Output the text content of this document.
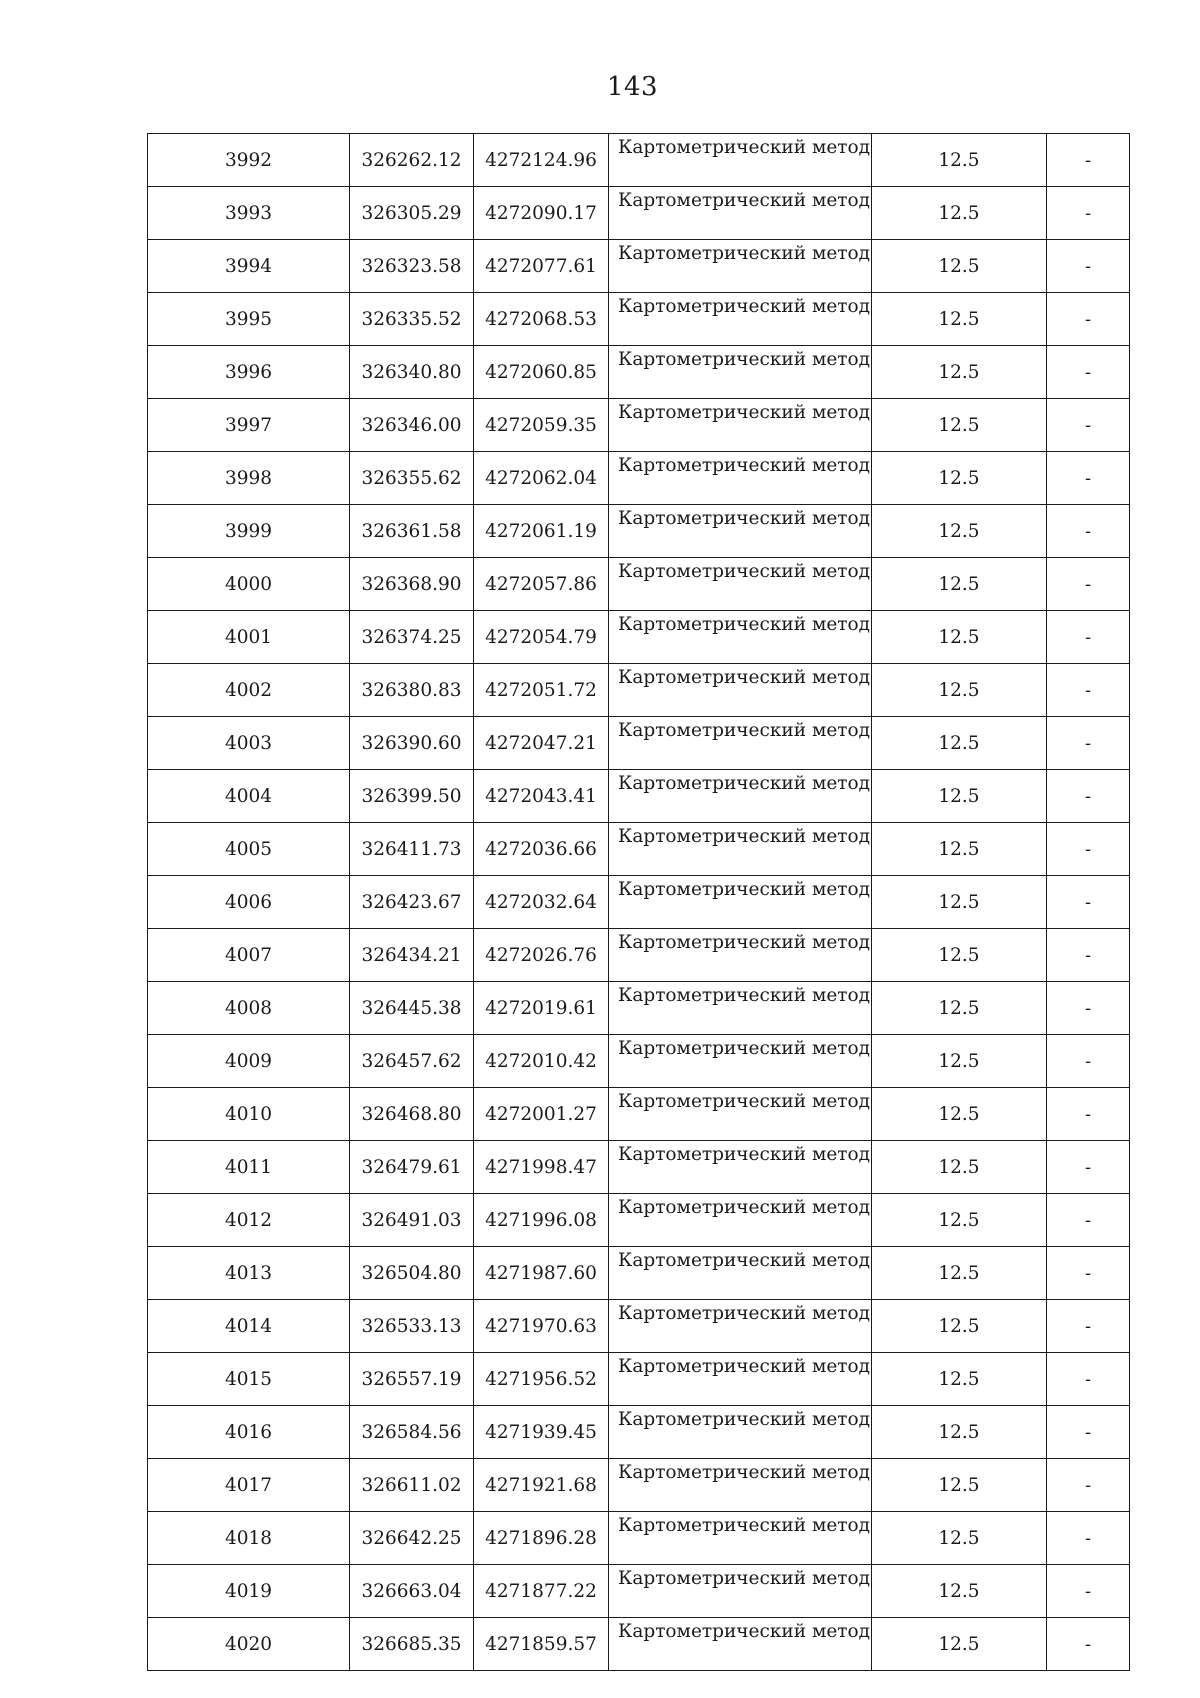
143
3992	326262.12	4272124.96	Картометрический метод	12.5	-
3993	326305.29	4272090.17	Картометрический метод	12.5	-
3994	326323.58	4272077.61	Картометрический метод	12.5	-
3995	326335.52	4272068.53	Картометрический метод	12.5	-
3996	326340.80	4272060.85	Картометрический метод	12.5	-
3997	326346.00	4272059.35	Картометрический метод	12.5	-
3998	326355.62	4272062.04	Картометрический метод	12.5	-
3999	326361.58	4272061.19	Картометрический метод	12.5	-
4000	326368.90	4272057.86	Картометрический метод	12.5	-
4001	326374.25	4272054.79	Картометрический метод	12.5	-
4002	326380.83	4272051.72	Картометрический метод	12.5	-
4003	326390.60	4272047.21	Картометрический метод	12.5	-
4004	326399.50	4272043.41	Картометрический метод	12.5	-
4005	326411.73	4272036.66	Картометрический метод	12.5	-
4006	326423.67	4272032.64	Картометрический метод	12.5	-
4007	326434.21	4272026.76	Картометрический метод	12.5	-
4008	326445.38	4272019.61	Картометрический метод	12.5	-
4009	326457.62	4272010.42	Картометрический метод	12.5	-
4010	326468.80	4272001.27	Картометрический метод	12.5	-
4011	326479.61	4271998.47	Картометрический метод	12.5	-
4012	326491.03	4271996.08	Картометрический метод	12.5	-
4013	326504.80	4271987.60	Картометрический метод	12.5	-
4014	326533.13	4271970.63	Картометрический метод	12.5	-
4015	326557.19	4271956.52	Картометрический метод	12.5	-
4016	326584.56	4271939.45	Картометрический метод	12.5	-
4017	326611.02	4271921.68	Картометрический метод	12.5	-
4018	326642.25	4271896.28	Картометрический метод	12.5	-
4019	326663.04	4271877.22	Картометрический метод	12.5	-
4020	326685.35	4271859.57	Картометрический метод	12.5	-
